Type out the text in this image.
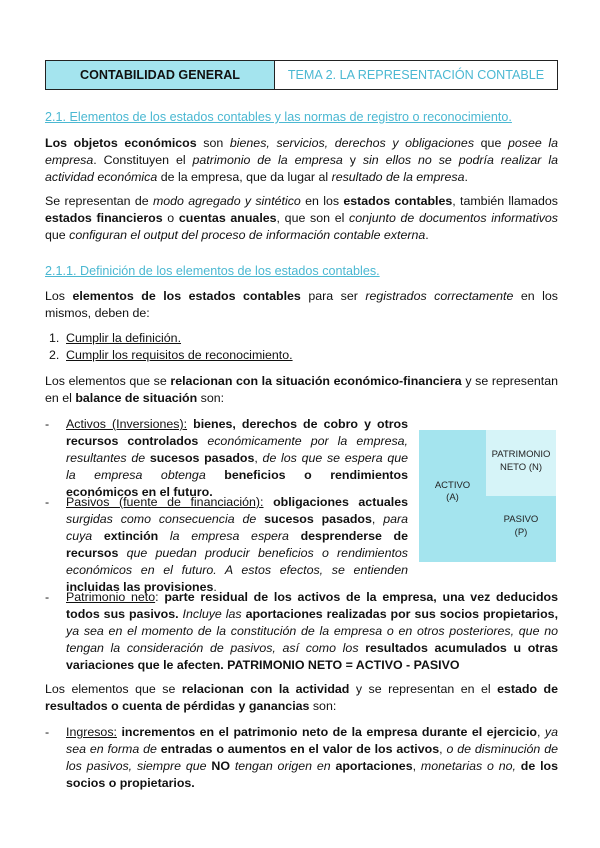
CONTABILIDAD GENERAL	TEMA 2. LA REPRESENTACIÓN CONTABLE
2.1. Elementos de los estados contables y las normas de registro o reconocimiento.
Los objetos económicos son bienes, servicios, derechos y obligaciones que posee la empresa. Constituyen el patrimonio de la empresa y sin ellos no se podría realizar la actividad económica de la empresa, que da lugar al resultado de la empresa.
Se representan de modo agregado y sintético en los estados contables, también llamados estados financieros o cuentas anuales, que son el conjunto de documentos informativos que configuran el output del proceso de información contable externa.
2.1.1. Definición de los elementos de los estados contables.
Los elementos de los estados contables para ser registrados correctamente en los mismos, deben de:
1. Cumplir la definición.
2. Cumplir los requisitos de reconocimiento.
Los elementos que se relacionan con la situación económico-financiera y se representan en el balance de situación son:
- Activos (Inversiones): bienes, derechos de cobro y otros recursos controlados económicamente por la empresa, resultantes de sucesos pasados, de los que se espera que la empresa obtenga beneficios o rendimientos económicos en el futuro.
- Pasivos (fuente de financiación): obligaciones actuales surgidas como consecuencia de sucesos pasados, para cuya extinción la empresa espera desprenderse de recursos que puedan producir beneficios o rendimientos económicos en el futuro. A estos efectos, se entienden incluidas las provisiones.
ACTIVO
(A)
PATRIMONIO
NETO (N)
PASIVO
(P)
- Patrimonio neto: parte residual de los activos de la empresa, una vez deducidos todos sus pasivos. Incluye las aportaciones realizadas por sus socios propietarios, ya sea en el momento de la constitución de la empresa o en otros posteriores, que no tengan la consideración de pasivos, así como los resultados acumulados u otras variaciones que le afecten. PATRIMONIO NETO = ACTIVO - PASIVO
Los elementos que se relacionan con la actividad y se representan en el estado de resultados o cuenta de pérdidas y ganancias son:
- Ingresos: incrementos en el patrimonio neto de la empresa durante el ejercicio, ya sea en forma de entradas o aumentos en el valor de los activos, o de disminución de los pasivos, siempre que NO tengan origen en aportaciones, monetarias o no, de los socios o propietarios.
